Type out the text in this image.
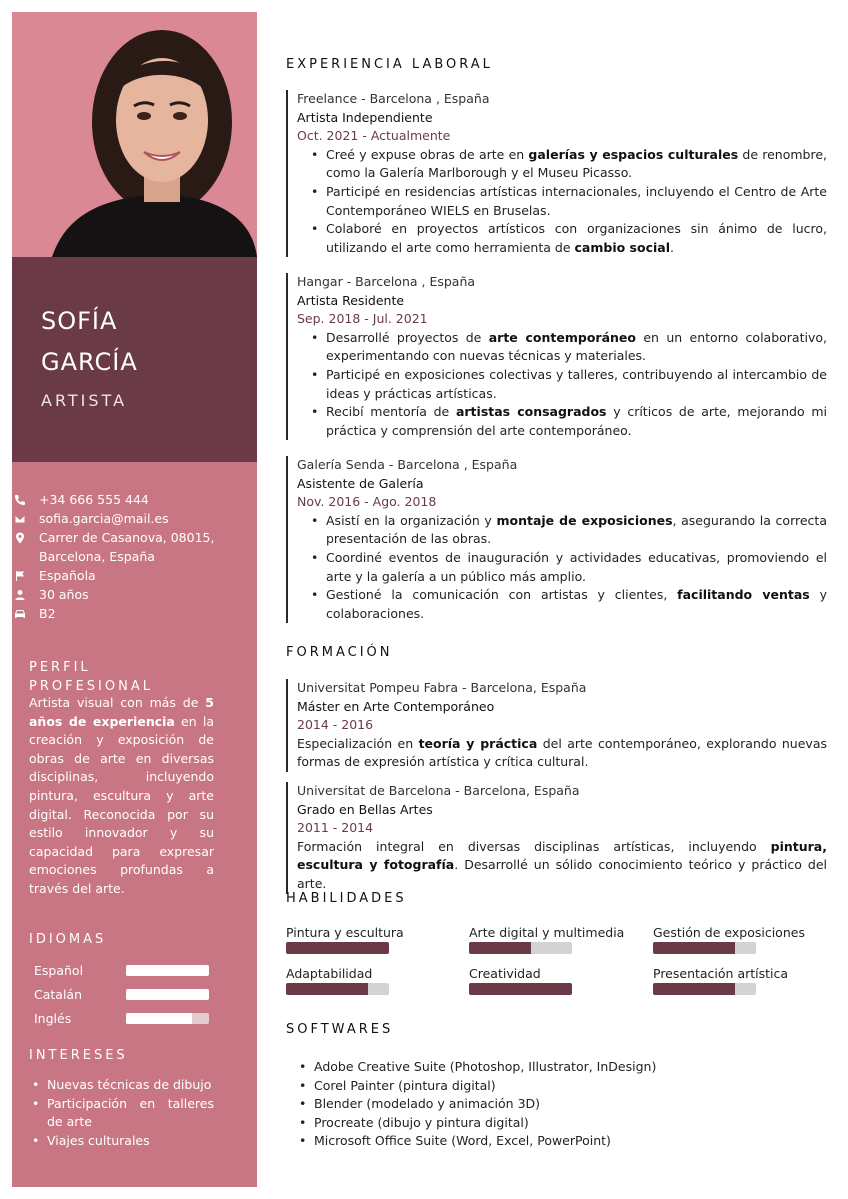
SOFÍA
GARCÍA
ARTISTA
+34 666 555 444
sofia.garcia@mail.es
Carrer de Casanova, 08015, Barcelona, España
Española
30 años
B2
PERFIL PROFESIONAL
Artista visual con más de 5 años de experiencia en la creación y exposición de obras de arte en diversas disciplinas, incluyendo pintura, escultura y arte digital. Reconocida por su estilo innovador y su capacidad para expresar emociones profundas a través del arte.
IDIOMAS
Español
Catalán
Inglés
INTERESES
• Nuevas técnicas de dibujo
• Participación en talleres de arte
• Viajes culturales
EXPERIENCIA LABORAL
Freelance - Barcelona , España
Artista Independiente
Oct. 2021 - Actualmente
• Creé y expuse obras de arte en galerías y espacios culturales de renombre, como la Galería Marlborough y el Museu Picasso.
• Participé en residencias artísticas internacionales, incluyendo el Centro de Arte Contemporáneo WIELS en Bruselas.
• Colaboré en proyectos artísticos con organizaciones sin ánimo de lucro, utilizando el arte como herramienta de cambio social.
Hangar - Barcelona , España
Artista Residente
Sep. 2018 - Jul. 2021
• Desarrollé proyectos de arte contemporáneo en un entorno colaborativo, experimentando con nuevas técnicas y materiales.
• Participé en exposiciones colectivas y talleres, contribuyendo al intercambio de ideas y prácticas artísticas.
• Recibí mentoría de artistas consagrados y críticos de arte, mejorando mi práctica y comprensión del arte contemporáneo.
Galería Senda - Barcelona , España
Asistente de Galería
Nov. 2016 - Ago. 2018
• Asistí en la organización y montaje de exposiciones, asegurando la correcta presentación de las obras.
• Coordiné eventos de inauguración y actividades educativas, promoviendo el arte y la galería a un público más amplio.
• Gestioné la comunicación con artistas y clientes, facilitando ventas y colaboraciones.
FORMACIÓN
Universitat Pompeu Fabra - Barcelona, España
Máster en Arte Contemporáneo
2014 - 2016

Especialización en teoría y práctica del arte contemporáneo, explorando nuevas formas de expresión artística y crítica cultural.

Universitat de Barcelona - Barcelona, España
Grado en Bellas Artes
2011 - 2014

Formación integral en diversas disciplinas artísticas, incluyendo pintura, escultura y fotografía. Desarrollé un sólido conocimiento teórico y práctico del arte.

HABILIDADES
Pintura y escultura	Arte digital y multimedia	Gestión de exposiciones
Adaptabilidad	Creatividad	Presentación artística
SOFTWARES
• Adobe Creative Suite (Photoshop, Illustrator, InDesign)
• Corel Painter (pintura digital)
• Blender (modelado y animación 3D)
• Procreate (dibujo y pintura digital)
• Microsoft Office Suite (Word, Excel, PowerPoint)
